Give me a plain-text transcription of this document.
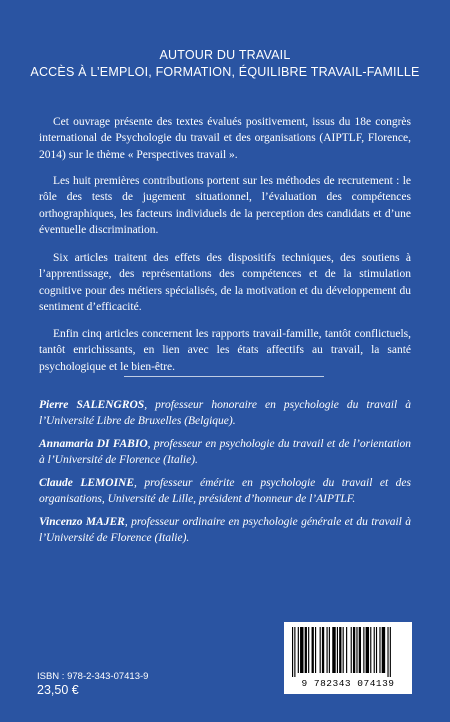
AUTOUR DU TRAVAIL
ACCÈS À L’EMPLOI, FORMATION, ÉQUILIBRE TRAVAIL-FAMILLE

Cet ouvrage présente des textes évalués positivement, issus du 18e congrès international de Psychologie du travail et des organisations (AIPTLF, Florence, 2014) sur le thème « Perspectives travail ».

Les huit premières contributions portent sur les méthodes de recrutement : le rôle des tests de jugement situationnel, l’évaluation des compétences orthographiques, les facteurs individuels de la perception des candidats et d’une éventuelle discrimination.

Six articles traitent des effets des dispositifs techniques, des soutiens à l’apprentissage, des représentations des compétences et de la stimulation cognitive pour des métiers spécialisés, de la motivation et du développement du sentiment d’efficacité.

Enfin cinq articles concernent les rapports travail-famille, tantôt conflictuels, tantôt enrichissants, en lien avec les états affectifs au travail, la santé psychologique et le bien-être.

Pierre SALENGROS, professeur honoraire en psychologie du travail à l’Université Libre de Bruxelles (Belgique).

Annamaria DI FABIO, professeur en psychologie du travail et de l’orientation à l’Université de Florence (Italie).

Claude LEMOINE, professeur émérite en psychologie du travail et des organisations, Université de Lille, président d’honneur de l’AIPTLF.

Vincenzo MAJER, professeur ordinaire en psychologie générale et du travail à l’Université de Florence (Italie).

ISBN : 978-2-343-07413-9
23,50 €	9 782343 074139
